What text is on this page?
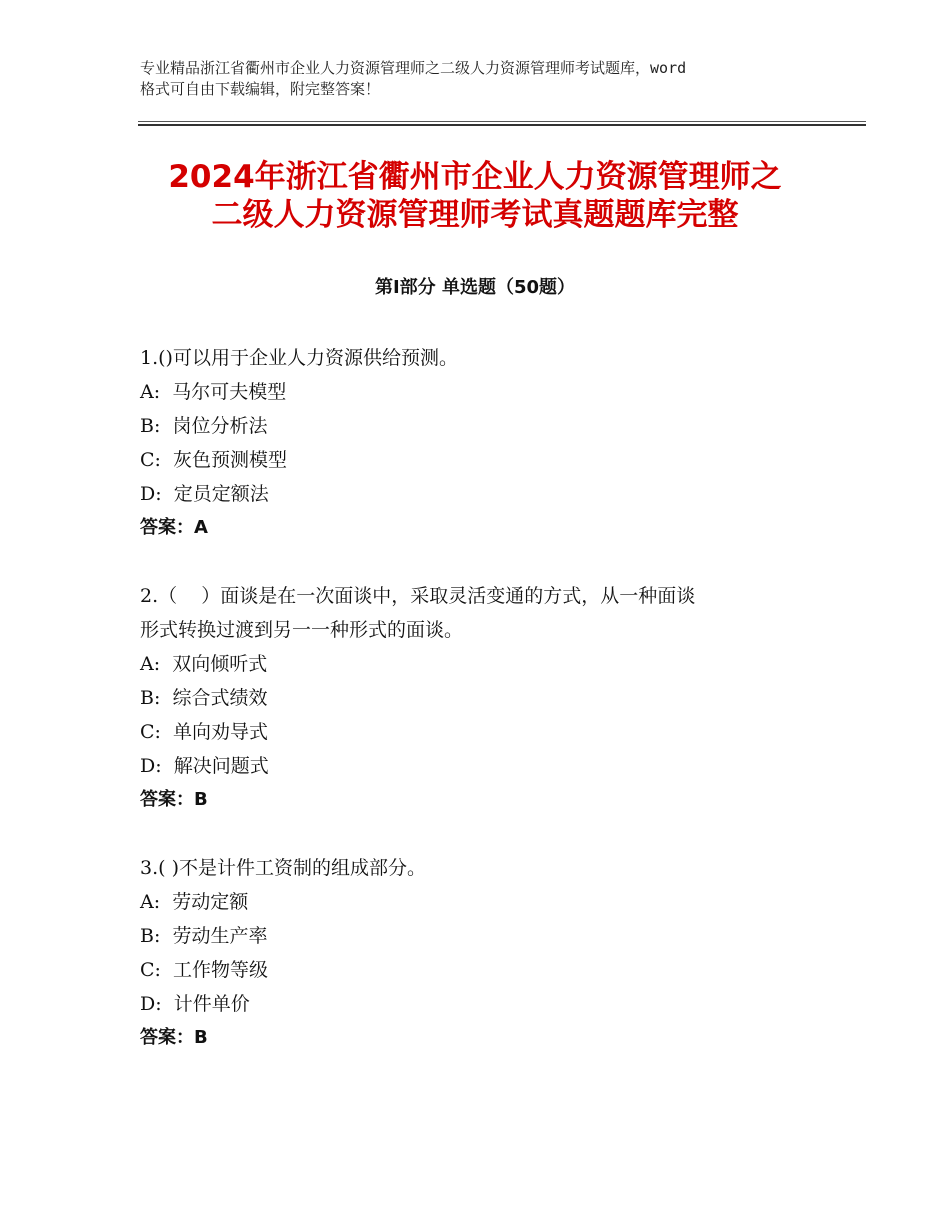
专业精品浙江省衢州市企业人力资源管理师之二级人力资源管理师考试题库，word
格式可自由下载编辑，附完整答案！
2024年浙江省衢州市企业人力资源管理师之
二级人力资源管理师考试真题题库完整
第Ⅰ部分 单选题（50题）
1.()可以用于企业人力资源供给预测。
A:  马尔可夫模型
B:  岗位分析法
C:  灰色预测模型
D:  定员定额法
答案：A
2.（    ）面谈是在一次面谈中，采取灵活变通的方式，从一种面谈
形式转换过渡到另一一种形式的面谈。
A:  双向倾听式
B:  综合式绩效
C:  单向劝导式
D:  解决问题式
答案：B
3.( )不是计件工资制的组成部分。
A:  劳动定额
B:  劳动生产率
C:  工作物等级
D:  计件单价
答案：B
